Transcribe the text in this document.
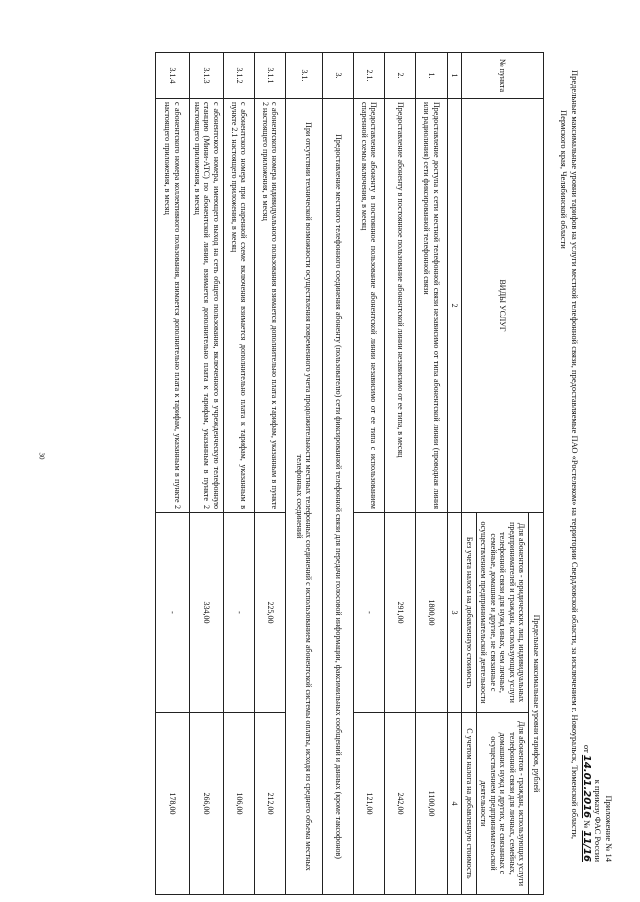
30
Приложение № 14
к приказу ФАС России
от 14.01.2016 № 11/16
Предельные максимальные уровни тарифов на услуги местной телефонной связи, предоставляемые ПАО «Ростелеком» на территории Свердловской области, за исключением г. Новоуральск, Тюменской области,
Пермского края, Челябинской области
№ пункта	ВИДЫ УСЛУГ	Предельные максимальные уровни тарифов, рублей	
		Для абонентов - юридических лиц, индивидуальных предпринимателей и граждан, использующих услуги телефонной связи для нужд иных, чем личные, семейные, домашние и другие, не связанные с осуществлением предпринимательской деятельности	Для абонентов - граждан, использующих услуги телефонной связи для личных, семейных, домашних нужд и других, не связанных с осуществлением предпринимательской деятельности
		Без учета налога на добавленную стоимость	С учетом налога на добавленную стоимость
1	2	3	4
1.	Предоставление доступа к сети местной телефонной связи независимо от типа абонентской линии (проводная линия или радиолиния) сети фиксированной телефонной связи	1800,00	1100,00
2.	Предоставление абоненту в постоянное пользование абонентской линии независимо от ее типа, в месяц	291,00	242,00
2.1.	Предоставление абоненту в постоянное пользование абонентской линии независимо от ее типа с использованием спаренной схемы включения, в месяц	-	121,00
3.	Предоставление местного телефонного соединения абоненту (пользователю) сети фиксированной телефонной связи для передачи голосовой информации, факсимильных сообщений и данных (кроме таксофонов)		
3.1.	При отсутствии технической возможности осуществления повременного учета продолжительности местных телефонных соединений с использованием абонентской системы оплаты, исходя из среднего объема местных телефонных соединений		
3.1.1	с абонентского номера индивидуального пользования взимается дополнительно плата к тарифам, указанным в пункте 2 настоящего приложения, в месяц	225,00	212,00
3.1.2	с абонентского номера при спаренной схеме включения взимается дополнительно плата к тарифам, указанным в пункте 2.1 настоящего приложения, в месяц	-	106,00
3.1.3	с абонентского номера, имеющего выход на сеть общего пользования, включенного в учрежденческую телефонную станцию (Мини-АТС) по абонентской линии, взимается дополнительно плата к тарифам, указанным в пункте 2 настоящего приложения, в месяц	334,00	266,00
3.1.4	с абонентского номера коллективного пользования, взимается дополнительно плата к тарифам, указанным в пункте 2 настоящего приложения, в месяц	-	178,00
